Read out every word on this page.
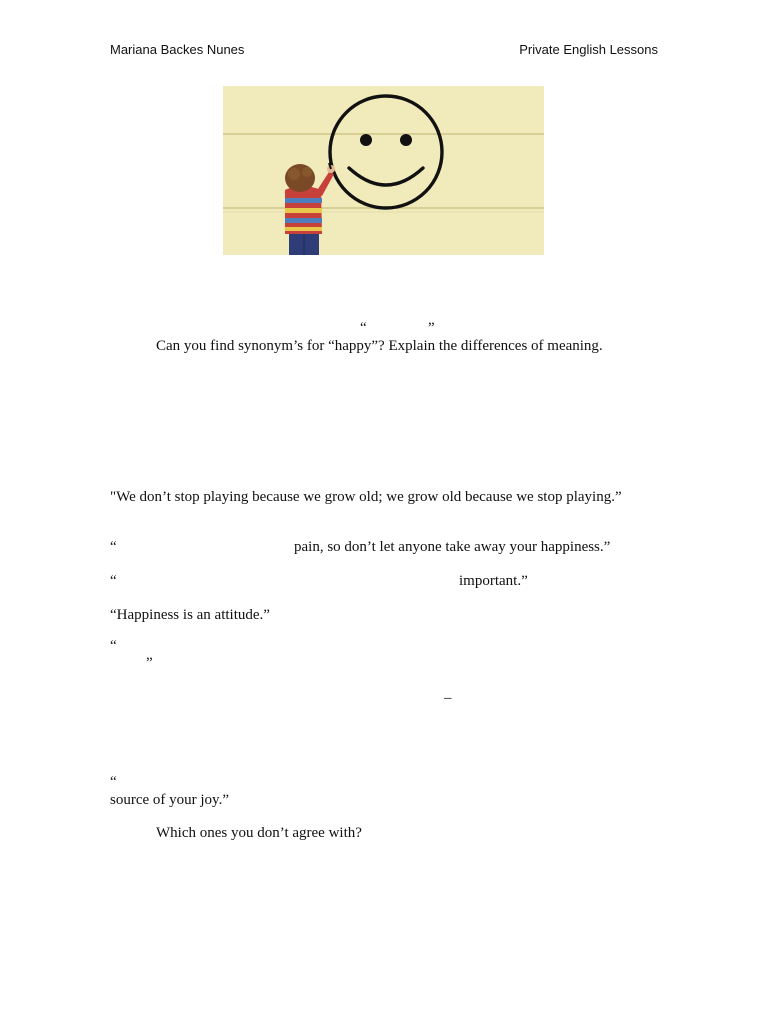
Mariana Backes Nunes	Private English Lessons
“	”
Can you find synonym’s for “happy”? Explain the differences of meaning.
"We don’t stop playing because we grow old; we grow old because we stop playing.”
“	pain, so don’t let anyone take away your happiness.”
“	important.”
“Happiness is an attitude.”
“
”
–
“
source of your joy.”
Which ones you don’t agree with?
